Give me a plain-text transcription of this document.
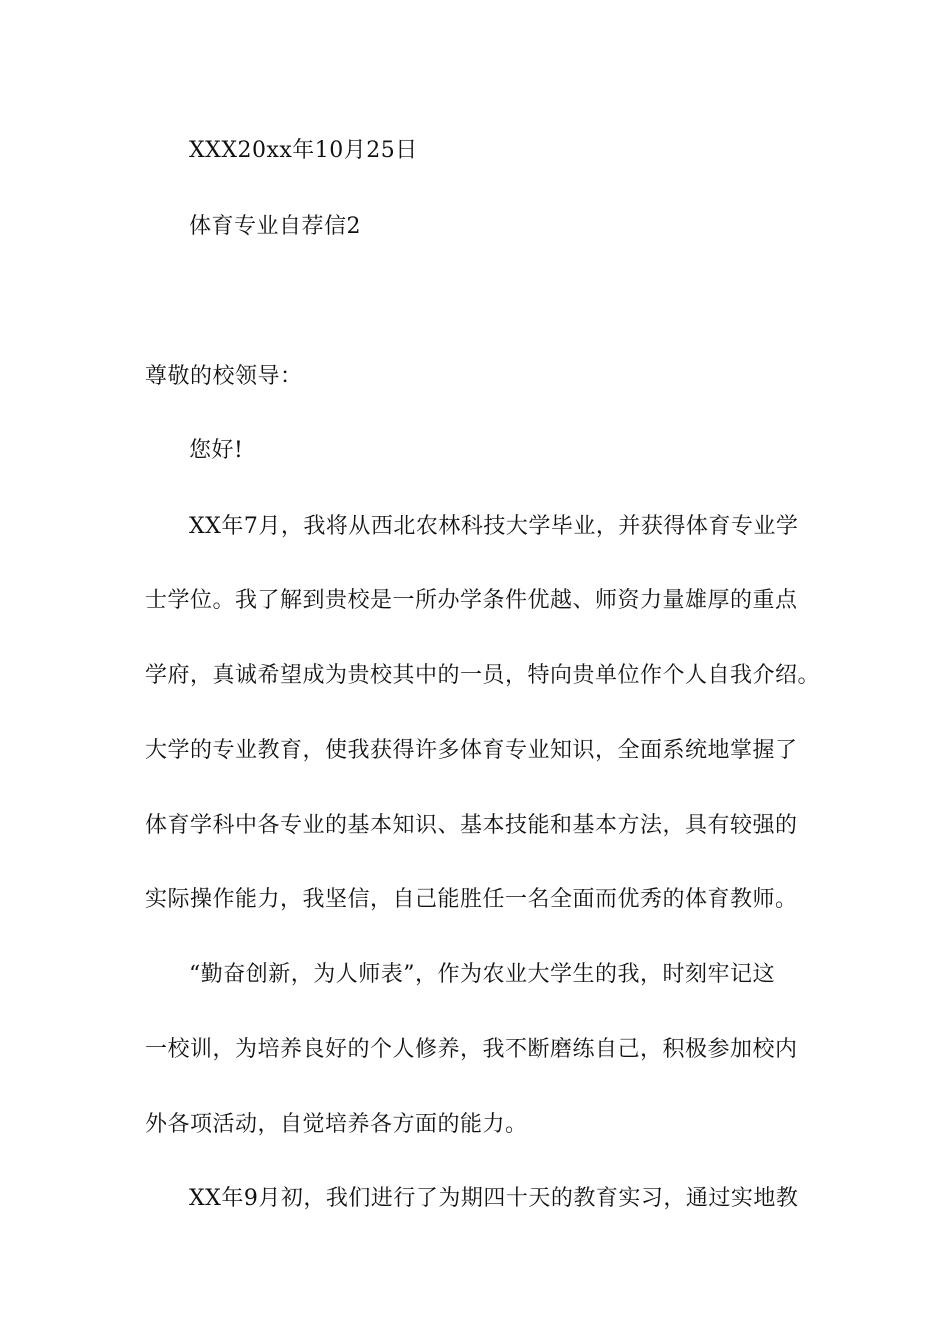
XXX20xx年10月25日
体育专业自荐信2
尊敬的校领导：
您好!
XX年7月，我将从西北农林科技大学毕业，并获得体育专业学
士学位。我了解到贵校是一所办学条件优越、师资力量雄厚的重点
学府，真诚希望成为贵校其中的一员，特向贵单位作个人自我介绍。
大学的专业教育，使我获得许多体育专业知识，全面系统地掌握了
体育学科中各专业的基本知识、基本技能和基本方法，具有较强的
实际操作能力，我坚信，自己能胜任一名全面而优秀的体育教师。
“勤奋创新，为人师表”，作为农业大学生的我，时刻牢记这
一校训，为培养良好的个人修养，我不断磨练自己，积极参加校内
外各项活动，自觉培养各方面的能力。
XX年9月初，我们进行了为期四十天的教育实习，通过实地教
